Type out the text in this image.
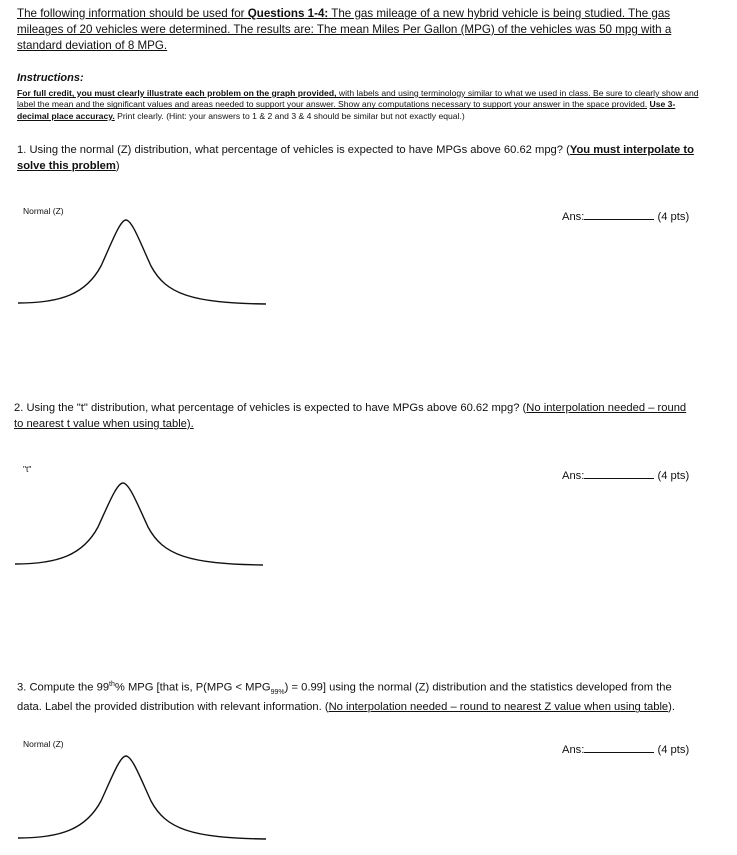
The following information should be used for Questions 1-4: The gas mileage of a new hybrid vehicle is being studied. The gas mileages of 20 vehicles were determined. The results are: The mean Miles Per Gallon (MPG) of the vehicles was 50 mpg with a standard deviation of 8 MPG.
Instructions:
For full credit, you must clearly illustrate each problem on the graph provided, with labels and using terminology similar to what we used in class. Be sure to clearly show and label the mean and the significant values and areas needed to support your answer. Show any computations necessary to support your answer in the space provided. Use 3-decimal place accuracy. Print clearly. (Hint: your answers to 1 & 2 and 3 & 4 should be similar but not exactly equal.)
1. Using the normal (Z) distribution, what percentage of vehicles is expected to have MPGs above 60.62 mpg? (You must interpolate to solve this problem)
Normal (Z)	Ans:	(4 pts)
2. Using the "t" distribution, what percentage of vehicles is expected to have MPGs above 60.62 mpg? (No interpolation needed – round to nearest t value when using table).
"t"
Ans:	(4 pts)
3. Compute the 99th% MPG [that is, $P(MPG < MPG_{99\%}) = 0.99$] using the normal (Z) distribution and the statistics developed from the data. Label the provided distribution with relevant information. (No interpolation needed – round to nearest Z value when using table).
Normal (Z)	Ans:	(4 pts)
